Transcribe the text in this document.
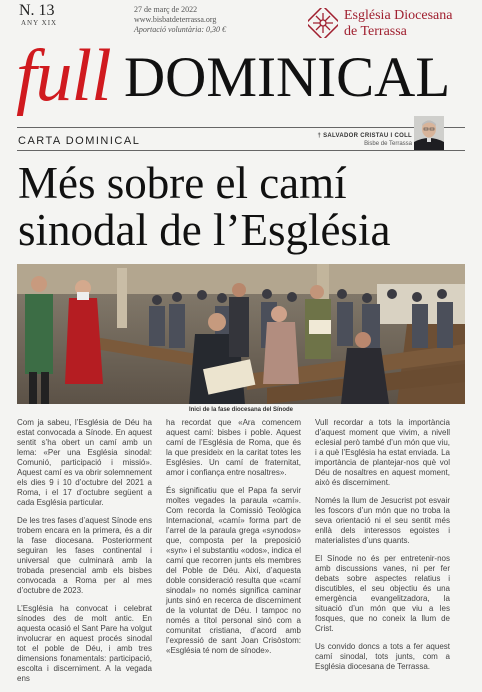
N. 13
ANY XIX
27 de març de 2022
www.bisbatdeterrassa.org
Aportació voluntària: 0,30 €
Església Diocesana
de Terrassa
full DOMINICAL
CARTA DOMINICAL	† SALVADOR CRISTAU I COLL
Bisbe de Terrassa
Més sobre el camí sinodal de l’Església
Inici de la fase diocesana del Sínode

Com ja sabeu, l’Església de Déu ha estat convocada a Sínode. En aquest sentit s’ha obert un camí amb un lema: «Per una Església sinodal: Comunió, participació i missió». Aquest camí es va obrir solemnement els dies 9 i 10 d’octubre del 2021 a Roma, i el 17 d’octubre següent a cada Església particular.

De les tres fases d’aquest Sínode ens trobem encara en la primera, és a dir la fase diocesana. Posteriorment seguiran les fases continental i universal que culminarà amb la trobada presencial amb els bisbes convocada a Roma per al mes d’octubre de 2023.

L’Església ha convocat i celebrat sínodes des de molt antic. En aquesta ocasió el Sant Pare ha volgut involucrar en aquest procés sinodal tot el poble de Déu, i amb tres dimensions fonamentals: participació, escolta i discerniment. A la vegada ens

ha recordat que «Ara comencem aquest camí: bisbes i poble. Aquest camí de l’Església de Roma, que és la que presideix en la caritat totes les Esglésies. Un camí de fraternitat, amor i confiança entre nosaltres».

És significatiu que el Papa fa servir moltes vegades la paraula «camí». Com recorda la Comissió Teològica Internacional, «camí» forma part de l’arrel de la paraula grega «synodos» que, composta per la preposició «syn» i el substantiu «odos», indica el camí que recorren junts els membres del Poble de Déu. Així, d’aquesta doble consideració resulta que «camí sinodal» no només significa caminar junts sinó en recerca de discerniment de la voluntat de Déu. I tampoc no només a títol personal sinó com a comunitat cristiana, d’acord amb l’expressió de sant Joan Crisòstom: «Església té nom de sínode».

Vull recordar a tots la importància d’aquest moment que vivim, a nivell eclesial però també d’un món que viu, i a què l’Església ha estat enviada. La importància de plantejar-nos què vol Déu de nosaltres en aquest moment, això és discerniment.

Només la llum de Jesucrist pot esvair les foscors d’un món que no troba la seva orientació ni el seu sentit més enllà dels interessos egoistes i materialistes d’uns quants.

El Sínode no és per entretenir-nos amb discussions vanes, ni per fer debats sobre aspectes relatius i discutibles, el seu objectiu és una emergència evangelitzadora, la situació d’un món que viu a les fosques, que no coneix la llum de Crist.

Us convido doncs a tots a fer aquest camí sinodal, tots junts, com a Església diocesana de Terrassa.
